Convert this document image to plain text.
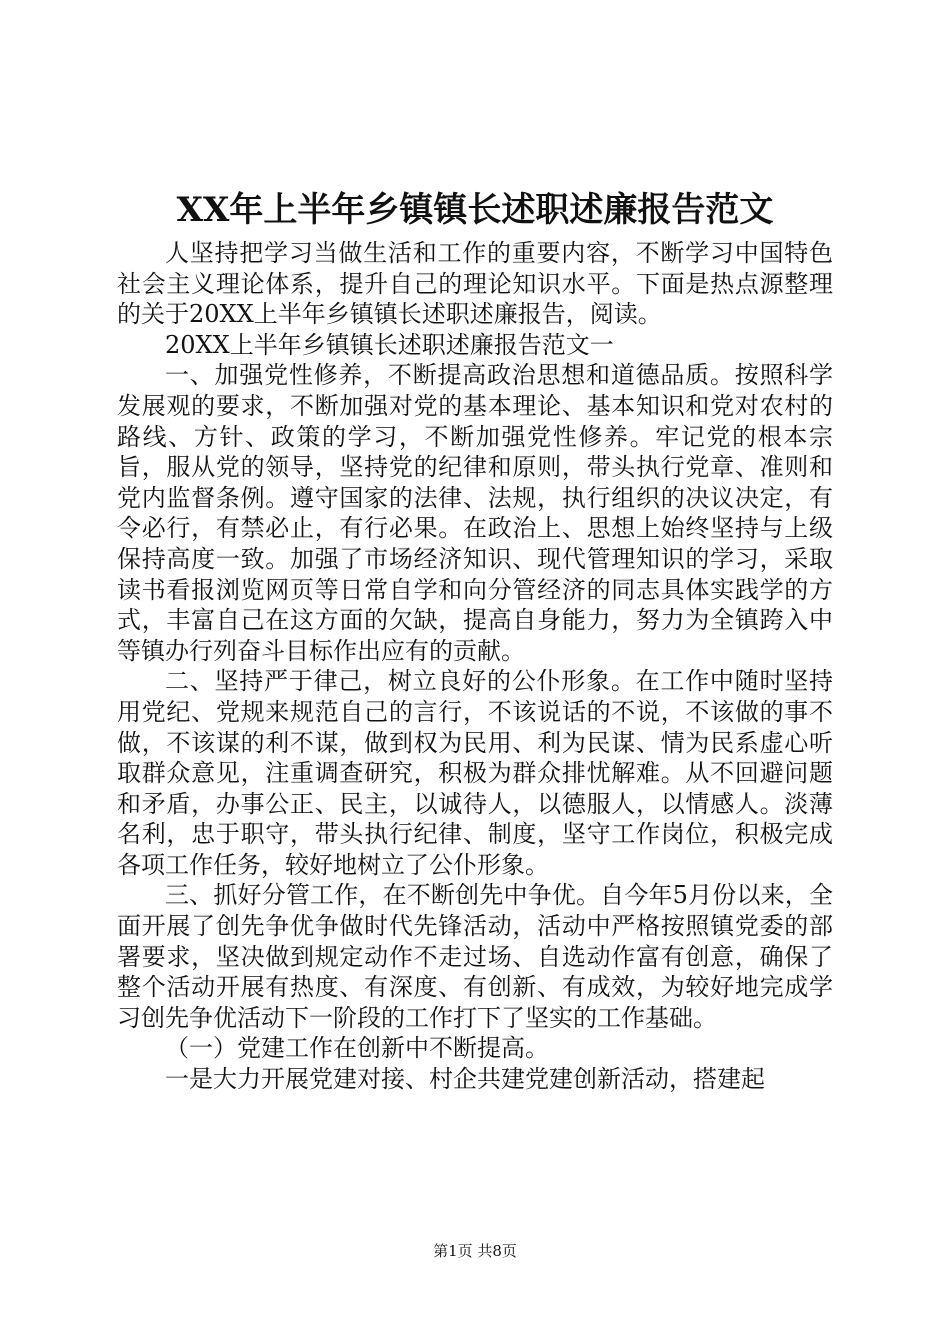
XX年上半年乡镇镇长述职述廉报告范文

人坚持把学习当做生活和工作的重要内容，不断学习中国特色社会主义理论体系，提升自己的理论知识水平。下面是热点源整理的关于20XX上半年乡镇镇长述职述廉报告，阅读。

20XX上半年乡镇镇长述职述廉报告范文一

一、加强党性修养，不断提高政治思想和道德品质。按照科学发展观的要求，不断加强对党的基本理论、基本知识和党对农村的路线、方针、政策的学习，不断加强党性修养。牢记党的根本宗旨，服从党的领导，坚持党的纪律和原则，带头执行党章、准则和党内监督条例。遵守国家的法律、法规，执行组织的决议决定，有令必行，有禁必止，有行必果。在政治上、思想上始终坚持与上级保持高度一致。加强了市场经济知识、现代管理知识的学习，采取读书看报浏览网页等日常自学和向分管经济的同志具体实践学的方式，丰富自己在这方面的欠缺，提高自身能力，努力为全镇跨入中等镇办行列奋斗目标作出应有的贡献。

二、坚持严于律己，树立良好的公仆形象。在工作中随时坚持用党纪、党规来规范自己的言行，不该说话的不说，不该做的事不做，不该谋的利不谋，做到权为民用、利为民谋、情为民系虚心听取群众意见，注重调查研究，积极为群众排忧解难。从不回避问题和矛盾，办事公正、民主，以诚待人，以德服人，以情感人。淡薄名利，忠于职守，带头执行纪律、制度，坚守工作岗位，积极完成各项工作任务，较好地树立了公仆形象。

三、抓好分管工作，在不断创先中争优。自今年5月份以来，全面开展了创先争优争做时代先锋活动，活动中严格按照镇党委的部署要求，坚决做到规定动作不走过场、自选动作富有创意，确保了整个活动开展有热度、有深度、有创新、有成效，为较好地完成学习创先争优活动下一阶段的工作打下了坚实的工作基础。

（一）党建工作在创新中不断提高。

一是大力开展党建对接、村企共建党建创新活动，搭建起

第1页 共8页
